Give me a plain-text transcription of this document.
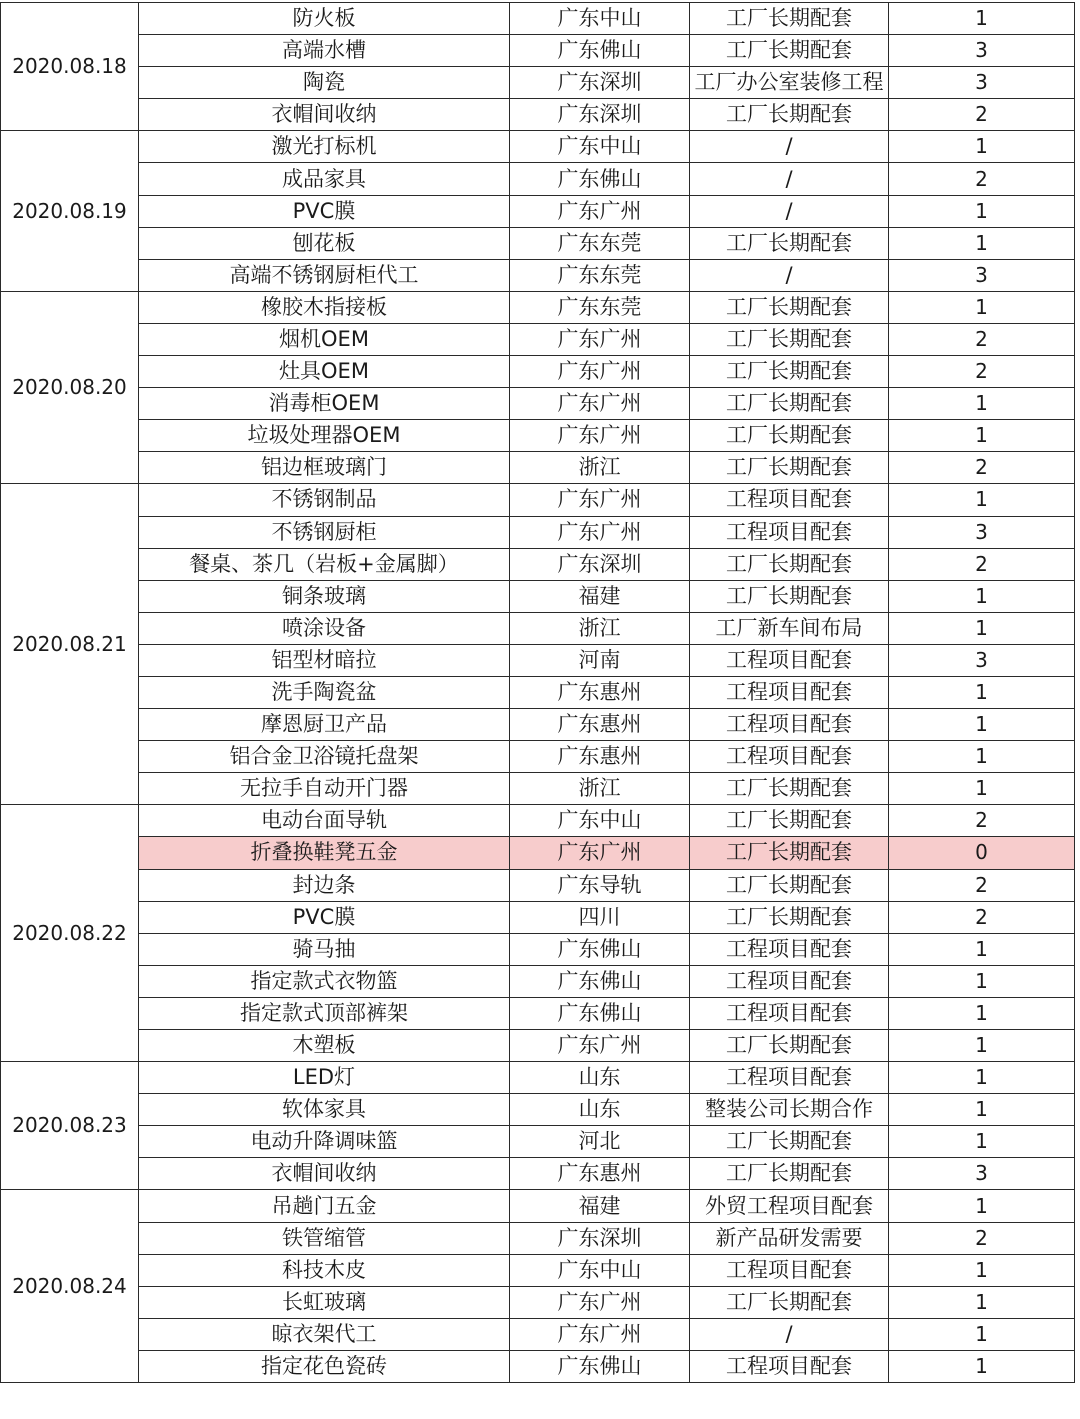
2020.08.18	防火板	广东中山	工厂长期配套	1
	高端水槽	广东佛山	工厂长期配套	3
	陶瓷	广东深圳	工厂办公室装修工程	3
	衣帽间收纳	广东深圳	工厂长期配套	2
2020.08.19	激光打标机	广东中山	/	1
	成品家具	广东佛山	/	2
	PVC膜	广东广州	/	1
	刨花板	广东东莞	工厂长期配套	1
	高端不锈钢厨柜代工	广东东莞	/	3
2020.08.20	橡胶木指接板	广东东莞	工厂长期配套	1
	烟机OEM	广东广州	工厂长期配套	2
	灶具OEM	广东广州	工厂长期配套	2
	消毒柜OEM	广东广州	工厂长期配套	1
	垃圾处理器OEM	广东广州	工厂长期配套	1
	铝边框玻璃门	浙江	工厂长期配套	2
2020.08.21	不锈钢制品	广东广州	工程项目配套	1
	不锈钢厨柜	广东广州	工程项目配套	3
	餐桌、茶几（岩板+金属脚）	广东深圳	工厂长期配套	2
	铜条玻璃	福建	工厂长期配套	1
	喷涂设备	浙江	工厂新车间布局	1
	铝型材暗拉	河南	工程项目配套	3
	洗手陶瓷盆	广东惠州	工程项目配套	1
	摩恩厨卫产品	广东惠州	工程项目配套	1
	铝合金卫浴镜托盘架	广东惠州	工程项目配套	1
	无拉手自动开门器	浙江	工厂长期配套	1
2020.08.22	电动台面导轨	广东中山	工厂长期配套	2
	折叠换鞋凳五金	广东广州	工厂长期配套	0
	封边条	广东导轨	工厂长期配套	2
	PVC膜	四川	工厂长期配套	2
	骑马抽	广东佛山	工程项目配套	1
	指定款式衣物篮	广东佛山	工程项目配套	1
	指定款式顶部裤架	广东佛山	工程项目配套	1
	木塑板	广东广州	工厂长期配套	1
2020.08.23	LED灯	山东	工程项目配套	1
	软体家具	山东	整装公司长期合作	1
	电动升降调味篮	河北	工厂长期配套	1
	衣帽间收纳	广东惠州	工厂长期配套	3
2020.08.24	吊趟门五金	福建	外贸工程项目配套	1
	铁管缩管	广东深圳	新产品研发需要	2
	科技木皮	广东中山	工程项目配套	1
	长虹玻璃	广东广州	工厂长期配套	1
	晾衣架代工	广东广州	/	1
	指定花色瓷砖	广东佛山	工程项目配套	1
